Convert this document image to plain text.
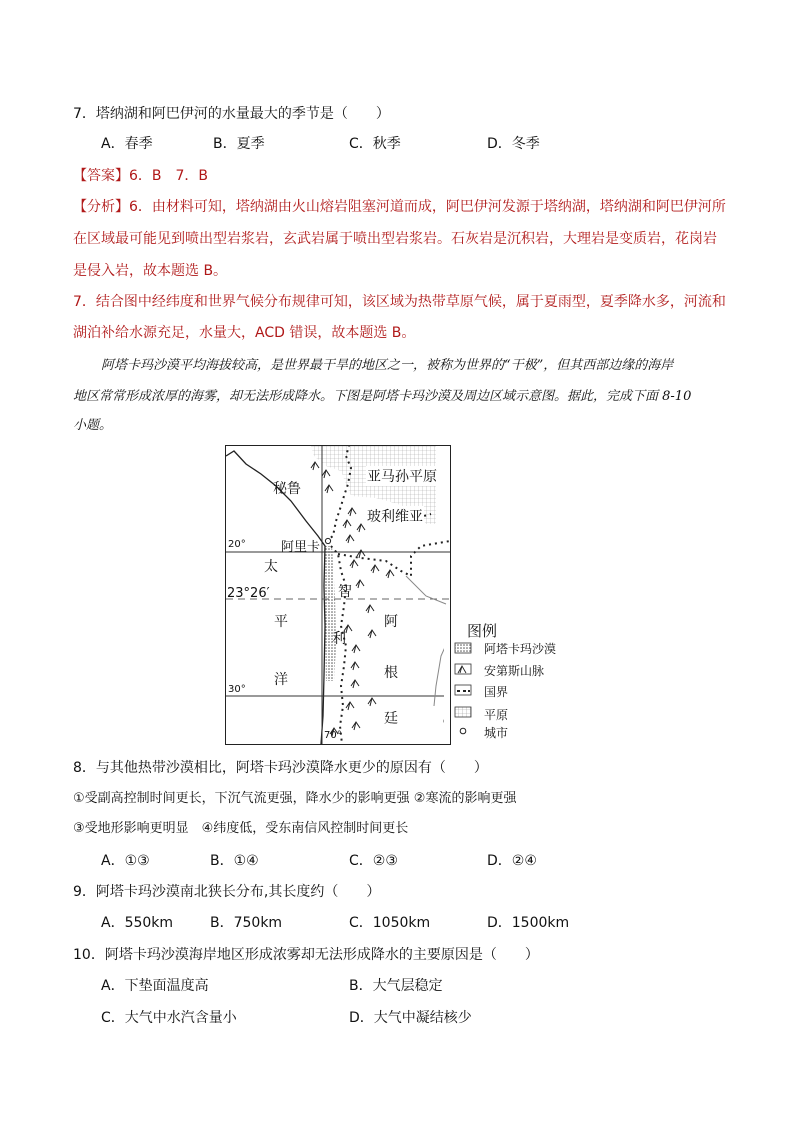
7．塔纳湖和阿巴伊河的水量最大的季节是（　　）
A．春季	B．夏季	C．秋季	D．冬季
【答案】6．B　7．B
【分析】6．由材料可知，塔纳湖由火山熔岩阻塞河道而成，阿巴伊河发源于塔纳湖，塔纳湖和阿巴伊河所
在区域最可能见到喷出型岩浆岩，玄武岩属于喷出型岩浆岩。石灰岩是沉积岩，大理岩是变质岩，花岗岩
是侵入岩，故本题选 B。
7．结合图中经纬度和世界气候分布规律可知，该区域为热带草原气候，属于夏雨型，夏季降水多，河流和
湖泊补给水源充足，水量大，ACD 错误，故本题选 B。
阿塔卡玛沙漠平均海拔较高，是世界最干旱的地区之一，被称为世界的“干极”，但其西部边缘的海岸
地区常常形成浓厚的海雾，却无法形成降水。下图是阿塔卡玛沙漠及周边区域示意图。据此，完成下面 8-10
小题。
亚马孙平原
秘鲁
玻利维亚
阿里卡
太
平
洋
智
利
阿
根
廷
20°
23°26′
30°
70°
图例
阿塔卡玛沙漠
安第斯山脉
国界
平原
城市
8．与其他热带沙漠相比，阿塔卡玛沙漠降水更少的原因有（　　）
①受副高控制时间更长，下沉气流更强，降水少的影响更强 ②寒流的影响更强
③受地形影响更明显　④纬度低，受东南信风控制时间更长
A．①③	B．①④	C．②③	D．②④
9．阿塔卡玛沙漠南北狭长分布,其长度约（　　）
A．550km	B．750km	C．1050km	D．1500km
10．阿塔卡玛沙漠海岸地区形成浓雾却无法形成降水的主要原因是（　　）
A．下垫面温度高	B．大气层稳定
C．大气中水汽含量小	D．大气中凝结核少
